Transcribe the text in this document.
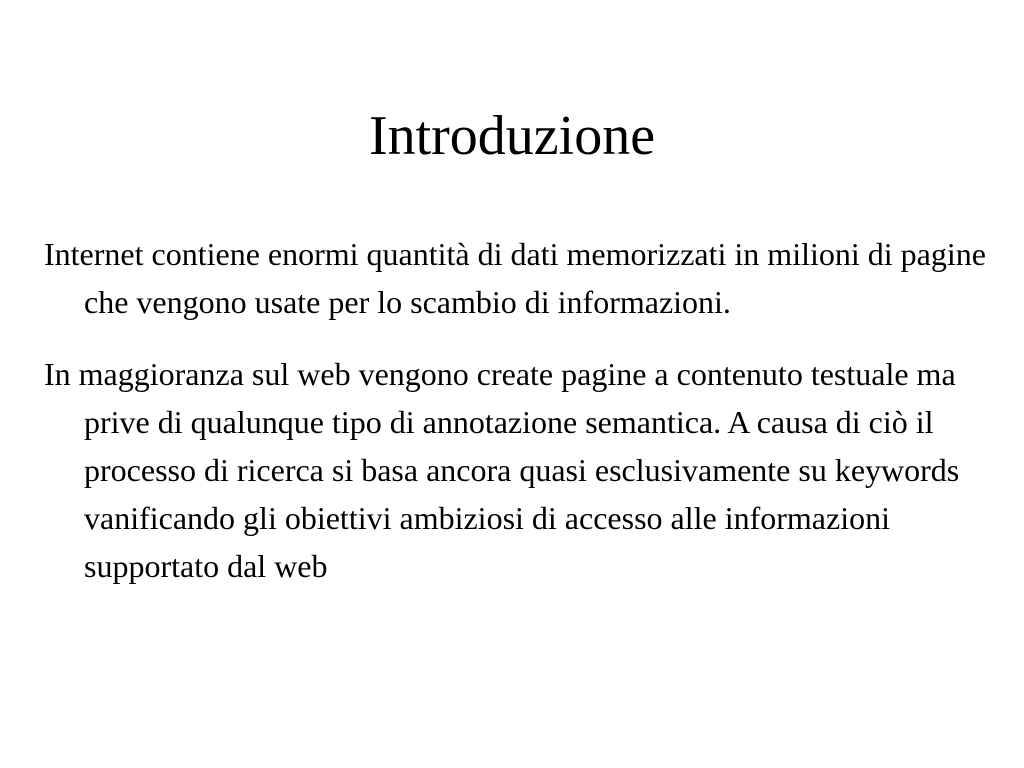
Introduzione

Internet contiene enormi quantità di dati memorizzati in milioni di pagine che vengono usate per lo scambio di informazioni.

In maggioranza sul web vengono create pagine a contenuto testuale ma prive di qualunque tipo di annotazione semantica. A causa di ciò il processo di ricerca si basa ancora quasi esclusivamente su keywords vanificando gli obiettivi ambiziosi di accesso alle informazioni supportato dal web
